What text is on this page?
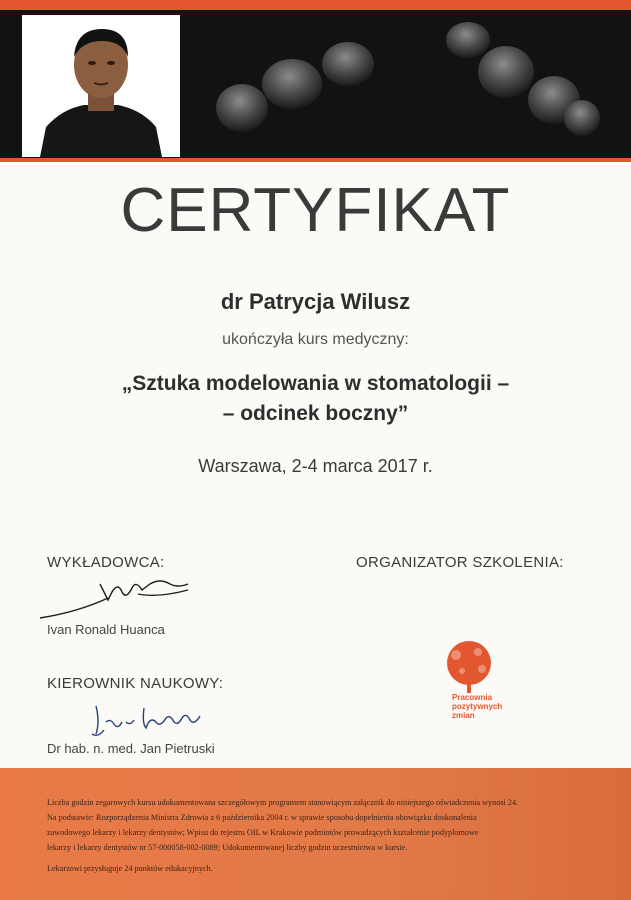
CERTYFIKAT
dr Patrycja Wilusz
ukończyła kurs medyczny:
„Sztuka modelowania w stomatologii –
– odcinek boczny”
Warszawa, 2-4 marca 2017 r.
WYKŁADOWCA:
Ivan Ronald Huanca
ORGANIZATOR SZKOLENIA:
Pracownia
pozytywnych
zmian
KIEROWNIK NAUKOWY:
Dr hab. n. med. Jan Pietruski

Liczba godzin zegarowych kursu udokumentowana szczegółowym programem stanowiącym załącznik do niniejszego oświadczenia wynosi 24.

Na podstawie: Rozporządzenia Ministra Zdrowia z 6 października 2004 r. w sprawie sposobu dopełnienia obowiązku doskonalenia

zawodowego lekarzy i lekarzy dentystów; Wpisu do rejestru OIL w Krakowie podmiotów prowadzących kształcenie podyplomowe

lekarzy i lekarzy dentystów nr 57-000058-002-0089; Udokumentowanej liczby godzin uczestnictwa w kursie.

Lekarzowi przysługuje 24 punktów edukacyjnych.
